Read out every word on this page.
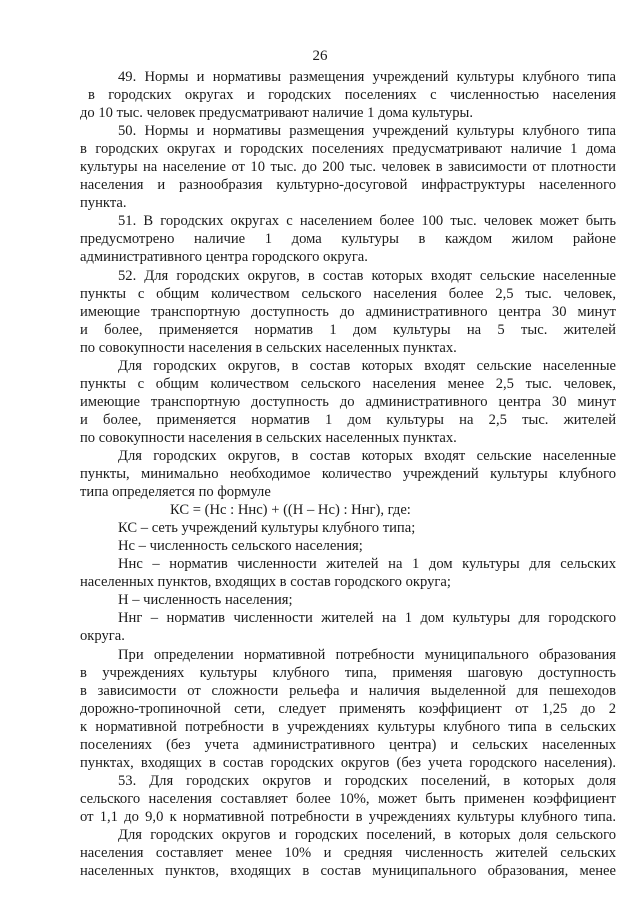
26
49. Нормы и нормативы размещения учреждений культуры клубного типа
в городских округах и городских поселениях с численностью населения
до 10 тыс. человек предусматривают наличие 1 дома культуры.
50. Нормы и нормативы размещения учреждений культуры клубного типа
в городских округах и городских поселениях предусматривают наличие 1 дома
культуры на население от 10 тыс. до 200 тыс. человек в зависимости от плотности
населения и разнообразия культурно-досуговой инфраструктуры населенного
пункта.
51. В городских округах с населением более 100 тыс. человек может быть
предусмотрено наличие 1 дома культуры в каждом жилом районе
административного центра городского округа.
52. Для городских округов, в состав которых входят сельские населенные
пункты с общим количеством сельского населения более 2,5 тыс. человек,
имеющие транспортную доступность до административного центра 30 минут
и более, применяется норматив 1 дом культуры на 5 тыс. жителей
по совокупности населения в сельских населенных пунктах.
Для городских округов, в состав которых входят сельские населенные
пункты с общим количеством сельского населения менее 2,5 тыс. человек,
имеющие транспортную доступность до административного центра 30 минут
и более, применяется норматив 1 дом культуры на 2,5 тыс. жителей
по совокупности населения в сельских населенных пунктах.
Для городских округов, в состав которых входят сельские населенные
пункты, минимально необходимое количество учреждений культуры клубного
типа определяется по формуле
КС = (Нс : Ннс) + ((Н – Нс) : Ннг), где:
КС – сеть учреждений культуры клубного типа;
Нс – численность сельского населения;
Ннс – норматив численности жителей на 1 дом культуры для сельских
населенных пунктов, входящих в состав городского округа;
Н – численность населения;
Ннг – норматив численности жителей на 1 дом культуры для городского
округа.
При определении нормативной потребности муниципального образования
в учреждениях культуры клубного типа, применяя шаговую доступность
в зависимости от сложности рельефа и наличия выделенной для пешеходов
дорожно-тропиночной сети, следует применять коэффициент от 1,25 до 2
к нормативной потребности в учреждениях культуры клубного типа в сельских
поселениях (без учета административного центра) и сельских населенных
пунктах, входящих в состав городских округов (без учета городского населения).
53. Для городских округов и городских поселений, в которых доля
сельского населения составляет более 10%, может быть применен коэффициент
от 1,1 до 9,0 к нормативной потребности в учреждениях культуры клубного типа.
Для городских округов и городских поселений, в которых доля сельского
населения составляет менее 10% и средняя численность жителей сельских
населенных пунктов, входящих в состав муниципального образования, менее
